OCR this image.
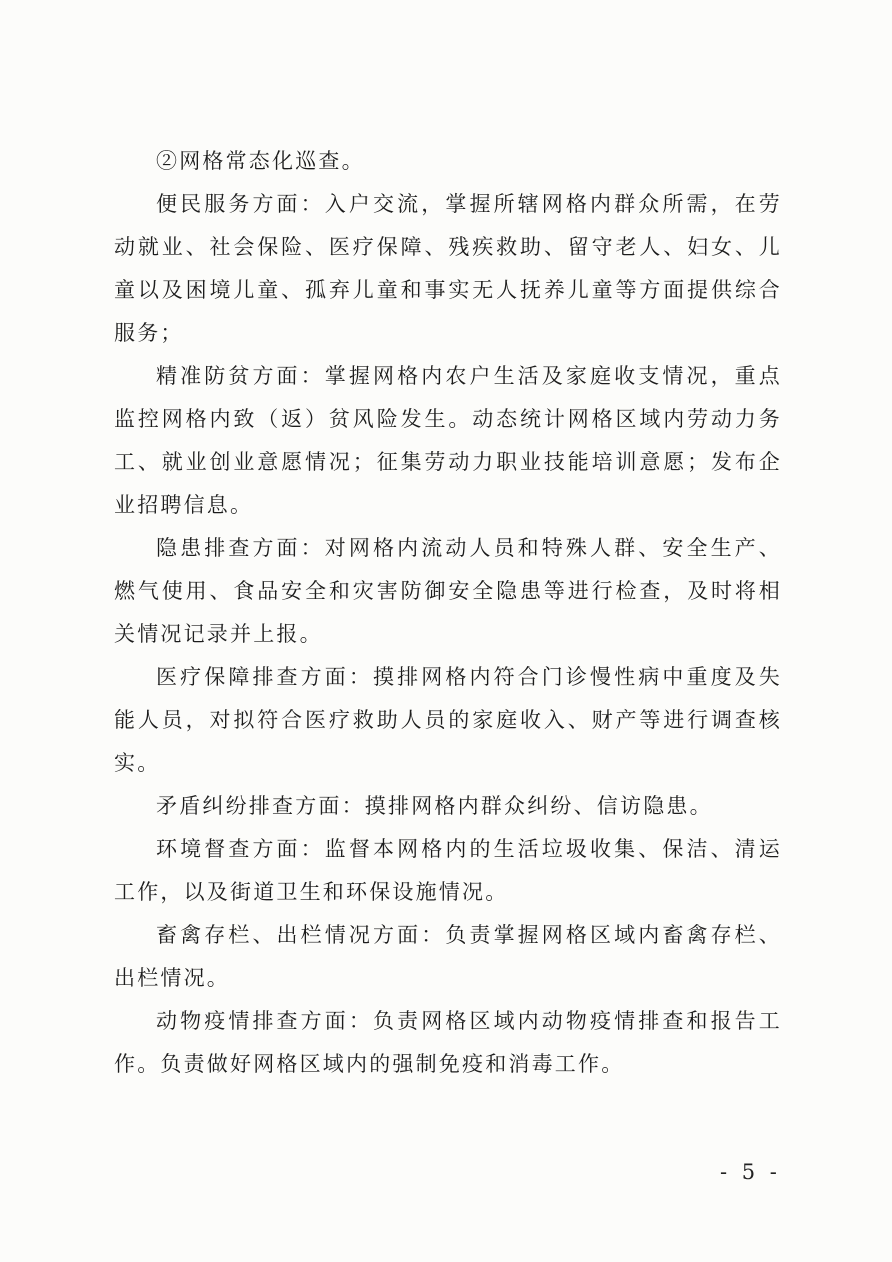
②网格常态化巡查。

便民服务方面：入户交流，掌握所辖网格内群众所需，在劳动就业、社会保险、医疗保障、残疾救助、留守老人、妇女、儿童以及困境儿童、孤弃儿童和事实无人抚养儿童等方面提供综合服务；

精准防贫方面：掌握网格内农户生活及家庭收支情况，重点监控网格内致（返）贫风险发生。动态统计网格区域内劳动力务工、就业创业意愿情况；征集劳动力职业技能培训意愿；发布企业招聘信息。

隐患排查方面：对网格内流动人员和特殊人群、安全生产、燃气使用、食品安全和灾害防御安全隐患等进行检查，及时将相关情况记录并上报。

医疗保障排查方面：摸排网格内符合门诊慢性病中重度及失能人员，对拟符合医疗救助人员的家庭收入、财产等进行调查核实。

矛盾纠纷排查方面：摸排网格内群众纠纷、信访隐患。

环境督查方面：监督本网格内的生活垃圾收集、保洁、清运工作，以及街道卫生和环保设施情况。

畜禽存栏、出栏情况方面：负责掌握网格区域内畜禽存栏、出栏情况。

动物疫情排查方面：负责网格区域内动物疫情排查和报告工作。负责做好网格区域内的强制免疫和消毒工作。

- 5 -
